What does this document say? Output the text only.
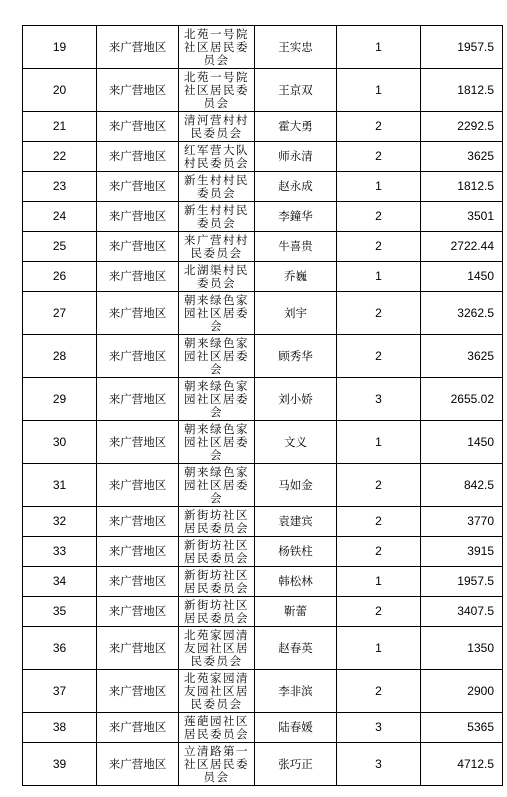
19	来广营地区	北苑一号院社区居民委员会	王实忠	1	1957.5
20	来广营地区	北苑一号院社区居民委员会	王京双	1	1812.5
21	来广营地区	清河营村村民委员会	霍大勇	2	2292.5
22	来广营地区	红军营大队村民委员会	师永清	2	3625
23	来广营地区	新生村村民委员会	赵永成	1	1812.5
24	来广营地区	新生村村民委员会	李鐘华	2	3501
25	来广营地区	来广营村村民委员会	牛喜贵	2	2722.44
26	来广营地区	北湖渠村民委员会	乔巍	1	1450
27	来广营地区	朝来绿色家园社区居委会	刘宇	2	3262.5
28	来广营地区	朝来绿色家园社区居委会	顾秀华	2	3625
29	来广营地区	朝来绿色家园社区居委会	刘小娇	3	2655.02
30	来广营地区	朝来绿色家园社区居委会	文义	1	1450
31	来广营地区	朝来绿色家园社区居委会	马如金	2	842.5
32	来广营地区	新街坊社区居民委员会	袁建宾	2	3770
33	来广营地区	新街坊社区居民委员会	杨铁柱	2	3915
34	来广营地区	新街坊社区居民委员会	韩松林	1	1957.5
35	来广营地区	新街坊社区居民委员会	靳蕾	2	3407.5
36	来广营地区	北苑家园清友园社区居民委员会	赵春英	1	1350
37	来广营地区	北苑家园清友园社区居民委员会	李非滨	2	2900
38	来广营地区	莲葩园社区居民委员会	陆春媛	3	5365
39	来广营地区	立清路第一社区居民委员会	张巧正	3	4712.5
